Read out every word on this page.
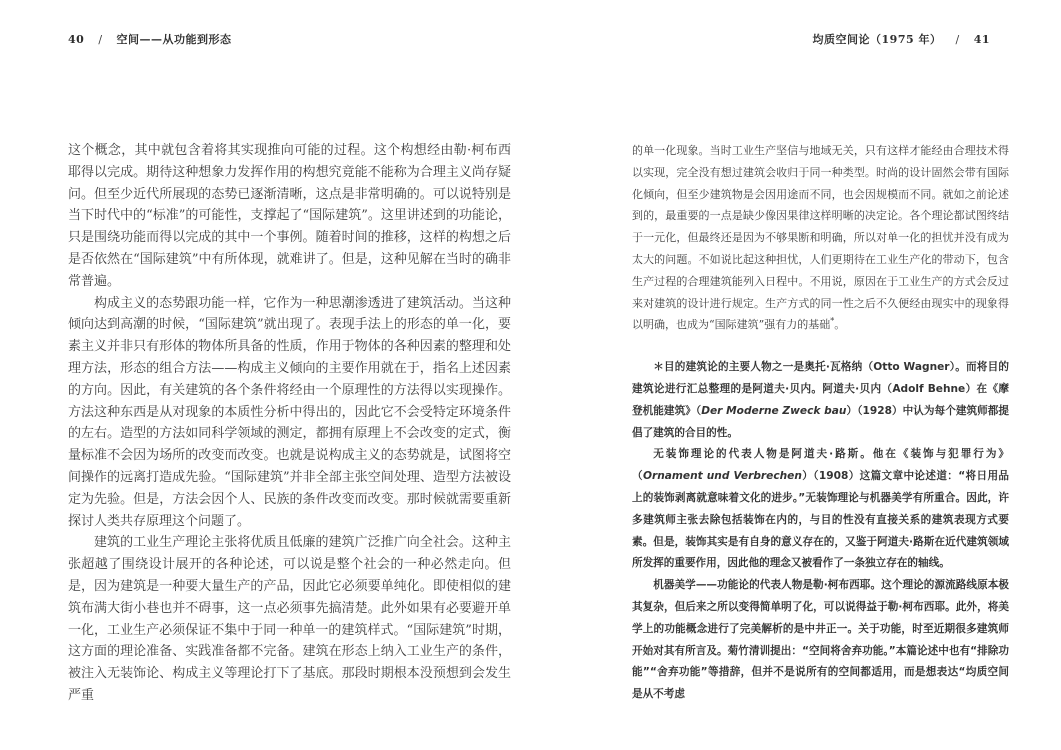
40 / 空间——从功能到形态	均质空间论（1975 年） / 41

这个概念，其中就包含着将其实现推向可能的过程。这个构想经由勒·柯布西耶得以完成。期待这种想象力发挥作用的构想究竟能不能称为合理主义尚存疑问。但至少近代所展现的态势已逐渐清晰，这点是非常明确的。可以说特别是当下时代中的“标准”的可能性，支撑起了“国际建筑”。这里讲述到的功能论，只是围绕功能而得以完成的其中一个事例。随着时间的推移，这样的构想之后是否依然在“国际建筑”中有所体现，就难讲了。但是，这种见解在当时的确非常普遍。

构成主义的态势跟功能一样，它作为一种思潮渗透进了建筑活动。当这种倾向达到高潮的时候，“国际建筑”就出现了。表现手法上的形态的单一化，要素主义并非只有形体的物体所具备的性质，作用于物体的各种因素的整理和处理方法，形态的组合方法——构成主义倾向的主要作用就在于，指名上述因素的方向。因此，有关建筑的各个条件将经由一个原理性的方法得以实现操作。方法这种东西是从对现象的本质性分析中得出的，因此它不会受特定环境条件的左右。造型的方法如同科学领域的测定，都拥有原理上不会改变的定式，衡量标准不会因为场所的改变而改变。也就是说构成主义的态势就是，试图将空间操作的远离打造成先验。“国际建筑”并非全部主张空间处理、造型方法被设定为先验。但是，方法会因个人、民族的条件改变而改变。那时候就需要重新探讨人类共存原理这个问题了。

建筑的工业生产理论主张将优质且低廉的建筑广泛推广向全社会。这种主张超越了围绕设计展开的各种论述，可以说是整个社会的一种必然走向。但是，因为建筑是一种要大量生产的产品，因此它必须要单纯化。即使相似的建筑布满大街小巷也并不碍事，这一点必须事先搞清楚。此外如果有必要避开单一化，工业生产必须保证不集中于同一种单一的建筑样式。“国际建筑”时期，这方面的理论准备、实践准备都不完备。建筑在形态上纳入工业生产的条件，被注入无装饰论、构成主义等理论打下了基底。那段时期根本没预想到会发生严重

的单一化现象。当时工业生产坚信与地域无关，只有这样才能经由合理技术得以实现，完全没有想过建筑会收归于同一种类型。时尚的设计固然会带有国际化倾向，但至少建筑物是会因用途而不同，也会因规模而不同。就如之前论述到的，最重要的一点是缺少像因果律这样明晰的决定论。各个理论都试图终结于一元化，但最终还是因为不够果断和明确，所以对单一化的担忧并没有成为太大的问题。不如说比起这种担忧，人们更期待在工业生产化的带动下，包含生产过程的合理建筑能列入日程中。不用说，原因在于工业生产的方式会反过来对建筑的设计进行规定。生产方式的同一性之后不久便经由现实中的现象得以明确，也成为“国际建筑”强有力的基础*。

＊目的建筑论的主要人物之一是奥托·瓦格纳（Otto Wagner）。而将目的建筑论进行汇总整理的是阿道夫·贝内。阿道夫·贝内（Adolf Behne）在《摩登机能建筑》（Der Moderne Zweck bau）（1928）中认为每个建筑师都提倡了建筑的合目的性。

无装饰理论的代表人物是阿道夫·路斯。他在《装饰与犯罪行为》（Ornament und Verbrechen）（1908）这篇文章中论述道：“将日用品上的装饰剥离就意味着文化的进步。”无装饰理论与机器美学有所重合。因此，许多建筑师主张去除包括装饰在内的，与目的性没有直接关系的建筑表现方式要素。但是，装饰其实是有自身的意义存在的，又鉴于阿道夫·路斯在近代建筑领域所发挥的重要作用，因此他的理念又被看作了一条独立存在的轴线。

机器美学——功能论的代表人物是勒·柯布西耶。这个理论的源流路线原本极其复杂，但后来之所以变得简单明了化，可以说得益于勒·柯布西耶。此外，将美学上的功能概念进行了完美解析的是中井正一。关于功能，时至近期很多建筑师开始对其有所言及。菊竹清训提出：“空间将舍弃功能。”本篇论述中也有“排除功能”“舍弃功能”等措辞，但并不是说所有的空间都适用，而是想表达“均质空间是从不考虑
